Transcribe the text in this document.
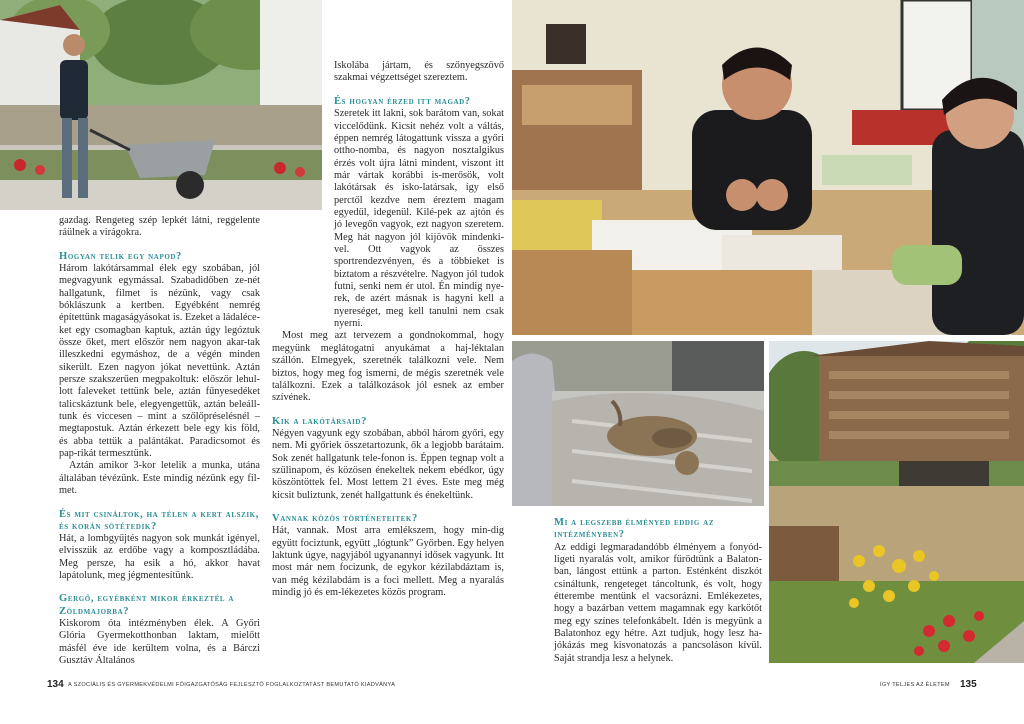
gazdag. Rengeteg szép lepkét látni, reggelente ráülnek a virágokra.

Hogyan telik egy napod?

Három lakótársammal élek egy szobában, jól megvagyunk egymással. Szabadidőben ze-nét hallgatunk, filmet is nézünk, vagy csak bóklászunk a kertben. Egyébként nemrég építettünk magaságyásokat is. Ezeket a ládaléce-ket egy csomagban kaptuk, aztán úgy legóztuk össze őket, mert először nem nagyon akar-tak illeszkedni egymáshoz, de a végén minden sikerült. Ezen nagyon jókat nevettünk. Aztán persze szakszerűen megpakoltuk: először lehul-lott faleveket tettünk bele, aztán fűnyesedéket talicskáztunk bele, elegyengettük, aztán beleáll-tunk és viccesen – mint a szőlőpréselésnél – megtapostuk. Aztán érkezett bele egy kis föld, és abba tettük a palántákat. Paradicsomot és pap-rikát termesztünk.

Aztán amikor 3-kor letelik a munka, utána általában tévézünk. Este mindig nézünk egy fil-met.

És mit csináltok, ha télen a kert alszik, és korán sötétedik?

Hát, a lombgyűjtés nagyon sok munkát igényel, elvisszük az erdőbe vagy a komposztládába. Meg persze, ha esik a hó, akkor havat lapátolunk, meg jégmentesítünk.

Gergő, egyébként mikor érkeztél a Zöldmajorba?

Kiskorom óta intézményben élek. A Győri Glória Gyermekotthonban laktam, mielőtt másfél éve ide kerültem volna, és a Bárczi Gusztáv Általános

Iskolába jártam, és szőnyegszövő szakmai végzettséget szereztem.

És hogyan érzed itt magad?

Szeretek itt lakni, sok barátom van, sokat viccelődünk. Kicsit nehéz volt a váltás, éppen nemrég látogattunk vissza a győri ottho-nomba, és nagyon nosztalgikus érzés volt újra látni mindent, viszont itt már vártak korábbi is-merősök, volt lakótársak és isko-latársak, így első perctől kezdve nem éreztem magam egyedül, idegenül. Kilé-pek az ajtón és jó levegőn vagyok, ezt nagyon szeretem. Meg hát nagyon jól kijövök mindenki-vel. Ott vagyok az összes sportrendezvényen, és a többieket is biztatom a részvételre. Nagyon jól tudok futni, senki nem ér utol. Én mindig nye-rek, de azért másnak is hagyni kell a nyereséget, meg kell tanulni nem csak nyerni.

Most meg azt tervezem a gondnokommal, hogy megyünk meglátogatni anyukámat a haj-léktalan szállón. Elmegyek, szeretnék találkozni vele. Nem biztos, hogy meg fog ismerni, de mégis szeretnék vele találkozni. Ezek a találkozások jól esnek az ember szívének.

Kik a lakótársaid?

Négyen vagyunk egy szobában, abból három győri, egy nem. Mi győriek összetartozunk, ők a legjobb barátaim. Sok zenét hallgatunk tele-fonon is. Éppen tegnap volt a szülinapom, és közösen énekeltek nekem ebédkor, úgy köszöntöttek fel. Most lettem 21 éves. Este meg még kicsit buliztunk, zenét hallgattunk és énekeltünk.

Vannak közös történeteitek?

Hát, vannak. Most arra emlékszem, hogy min-dig együtt fociztunk, együtt „lógtunk” Győrben. Egy helyen laktunk úgye, nagyjából ugyanannyi idősek vagyunk. Itt most már nem focizunk, de egykor kézilabdáztam is, van még kézilabdám is a foci mellett. Meg a nyaralás mindig jó és em-lékezetes közös program.

Mi a legszebb élményed eddig az intézményben?

Az eddigi legmaradandóbb élményem a fonyód-ligeti nyaralás volt, amikor fürödtünk a Balaton-ban, lángost ettünk a parton. Esténként diszkót csináltunk, rengeteget táncoltunk, és volt, hogy étterembe mentünk el vacsorázni. Emlékezetes, hogy a bazárban vettem magamnak egy karkötőt meg egy színes telefonkábelt. Idén is megyünk a Balatonhoz egy hétre. Azt tudjuk, hogy lesz ha-jókázás meg kisvonatozás a pancsoláson kívül. Saját strandja lesz a helynek.

134 A SZOCIÁLIS ÉS GYERMEKVÉDELMI FŐIGAZGATÓSÁG FEJLESZTŐ FOGLALKOZTATÁST BEMUTATÓ KIADVÁNYA	ÍGY TELJES AZ ÉLETEM 135
